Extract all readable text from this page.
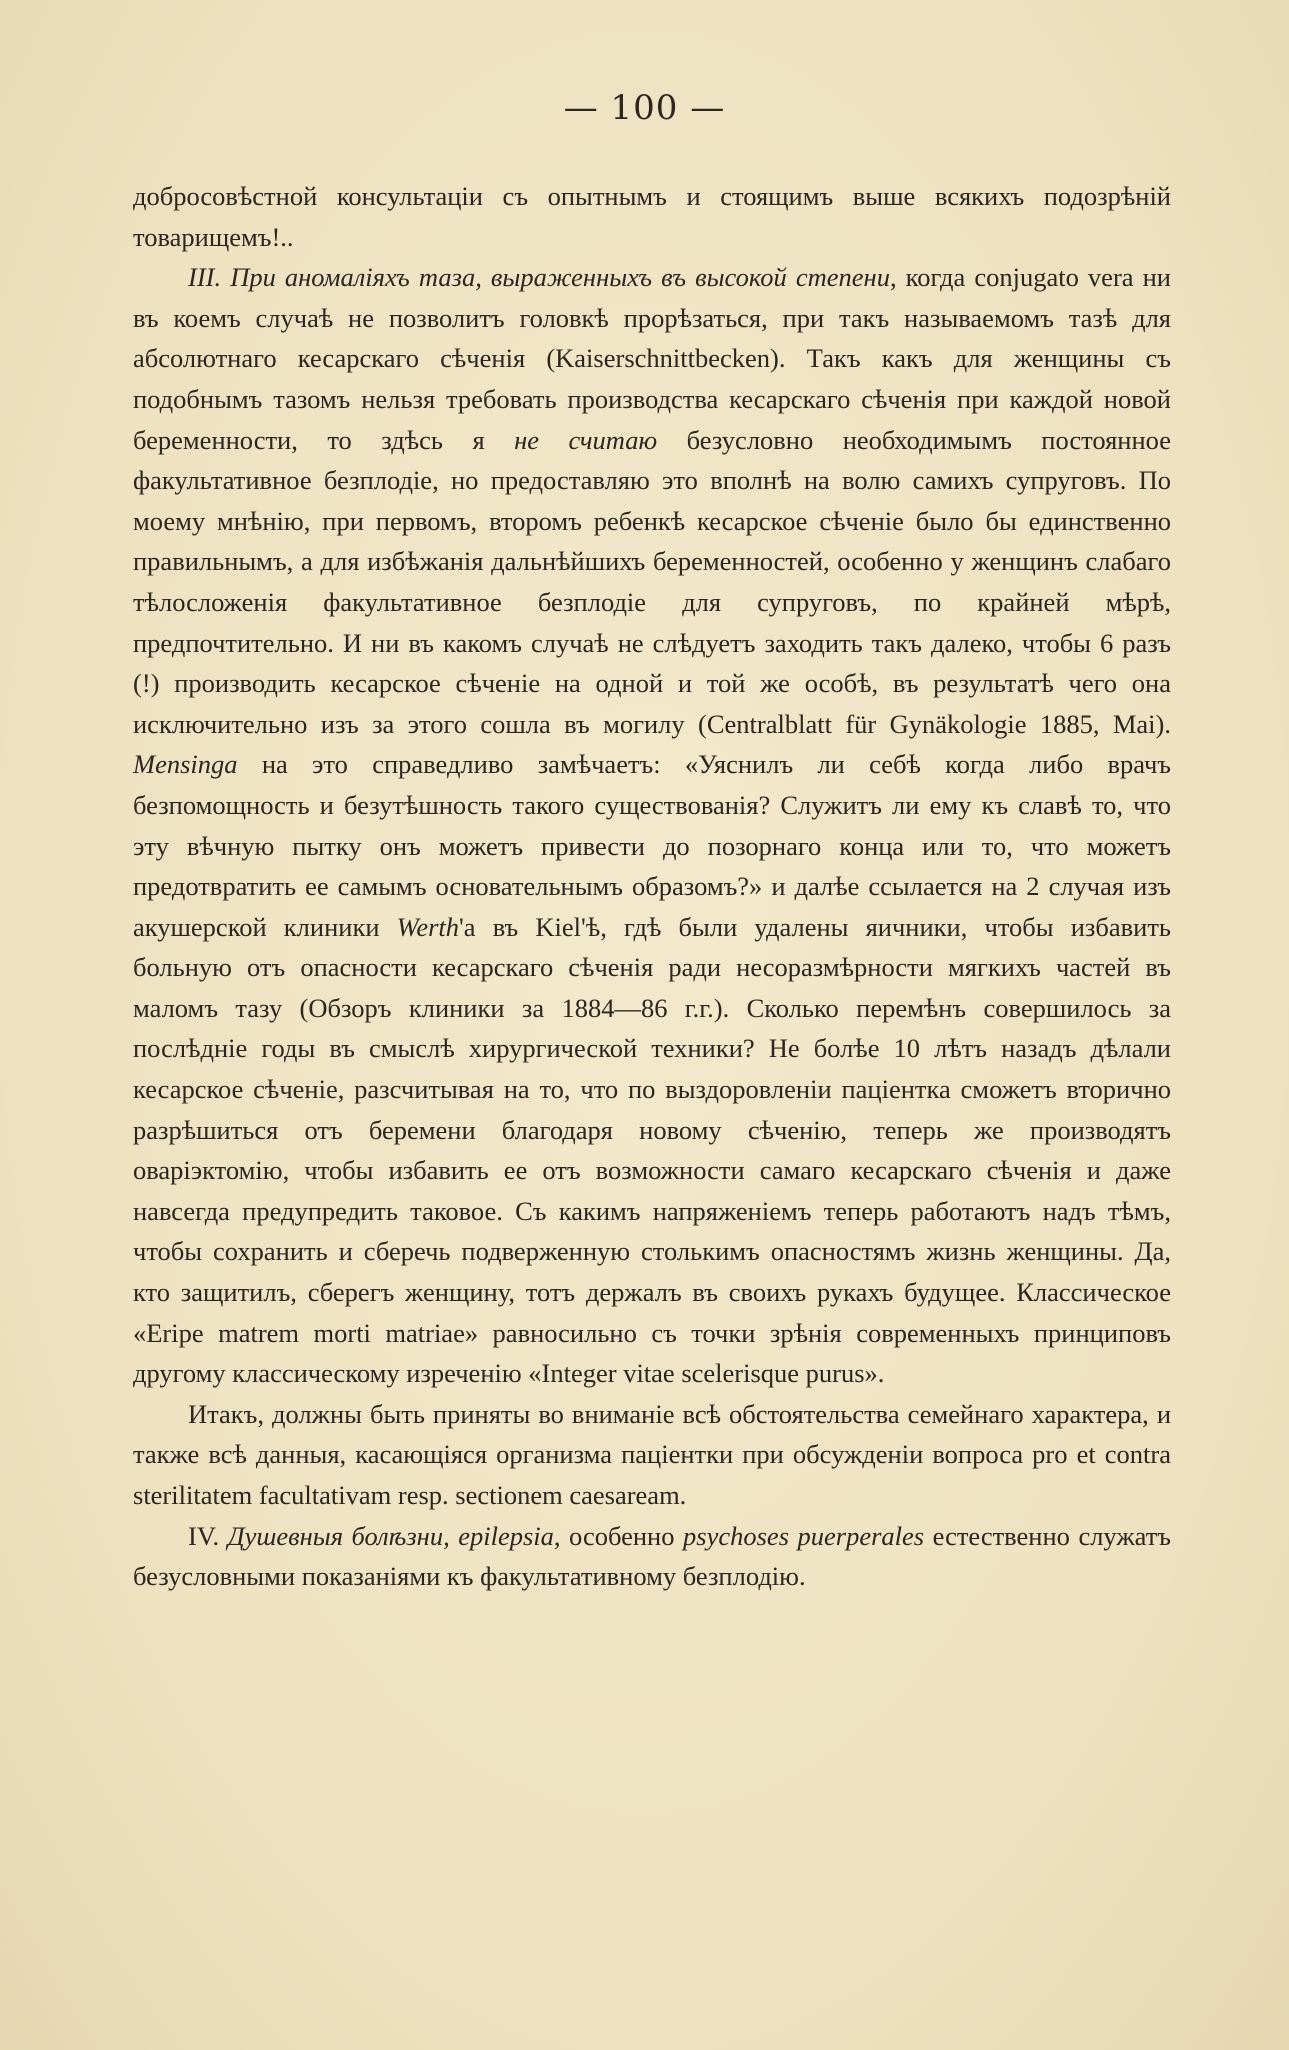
— 100 —

добросовѣстной консультаціи съ опытнымъ и стоящимъ выше всякихъ подозрѣній товарищемъ!..

III. При аномаліяхъ таза, выраженныхъ въ высокой степени, когда conjugato vera ни въ коемъ случаѣ не позволитъ головкѣ прорѣзаться, при такъ называемомъ тазѣ для абсолютнаго кесарскаго сѣченія (Kaiserschnittbecken). Такъ какъ для женщины съ подобнымъ тазомъ нельзя требовать производства кесарскаго сѣченія при каждой новой беременности, то здѣсь я не считаю безусловно необходимымъ постоянное факультативное безплодіе, но предоставляю это вполнѣ на волю самихъ супруговъ. По моему мнѣнію, при первомъ, второмъ ребенкѣ кесарское сѣченіе было бы единственно правильнымъ, а для избѣжанія дальнѣйшихъ беременностей, особенно у женщинъ слабаго тѣлосложенія факультативное безплодіе для супруговъ, по крайней мѣрѣ, предпочтительно. И ни въ какомъ случаѣ не слѣдуетъ заходить такъ далеко, чтобы 6 разъ (!) производить кесарское сѣченіе на одной и той же особѣ, въ результатѣ чего она исключительно изъ за этого сошла въ могилу (Centralblatt für Gynäkologie 1885, Mai). Mensinga на это справедливо замѣчаетъ: «Уяснилъ ли себѣ когда либо врачъ безпомощность и безутѣшность такого существованія? Служитъ ли ему къ славѣ то, что эту вѣчную пытку онъ можетъ привести до позорнаго конца или то, что можетъ предотвратить ее самымъ основательнымъ образомъ?» и далѣе ссылается на 2 случая изъ акушерской клиники Werth'а въ Kiel'ѣ, гдѣ были удалены яичники, чтобы избавить больную отъ опасности кесарскаго сѣченія ради несоразмѣрности мягкихъ частей въ маломъ тазу (Обзоръ клиники за 1884—86 г.г.). Сколько перемѣнъ совершилось за послѣдніе годы въ смыслѣ хирургической техники? Не болѣе 10 лѣтъ назадъ дѣлали кесарское сѣченіе, разсчитывая на то, что по выздоровленіи паціентка сможетъ вторично разрѣшиться отъ беремени благодаря новому сѣченію, теперь же производятъ оваріэктомію, чтобы избавить ее отъ возможности самаго кесарскаго сѣченія и даже навсегда предупредить таковое. Съ какимъ напряженіемъ теперь работаютъ надъ тѣмъ, чтобы сохранить и сберечь подверженную столькимъ опасностямъ жизнь женщины. Да, кто защитилъ, сберегъ женщину, тотъ держалъ въ своихъ рукахъ будущее. Классическое «Eripe matrem morti matriae» равносильно съ точки зрѣнія современныхъ принциповъ другому классическому изреченію «Integer vitae scelerisque purus».

Итакъ, должны быть приняты во вниманіе всѣ обстоятельства семейнаго характера, и также всѣ данныя, касающіяся организма паціентки при обсужденіи вопроса pro et contra sterilitatem facultativam resp. sectionem caesaream.

IV. Душевныя болѣзни, epilepsia, особенно psychoses puerperales естественно служатъ безусловными показаніями къ факультативному безплодію.
